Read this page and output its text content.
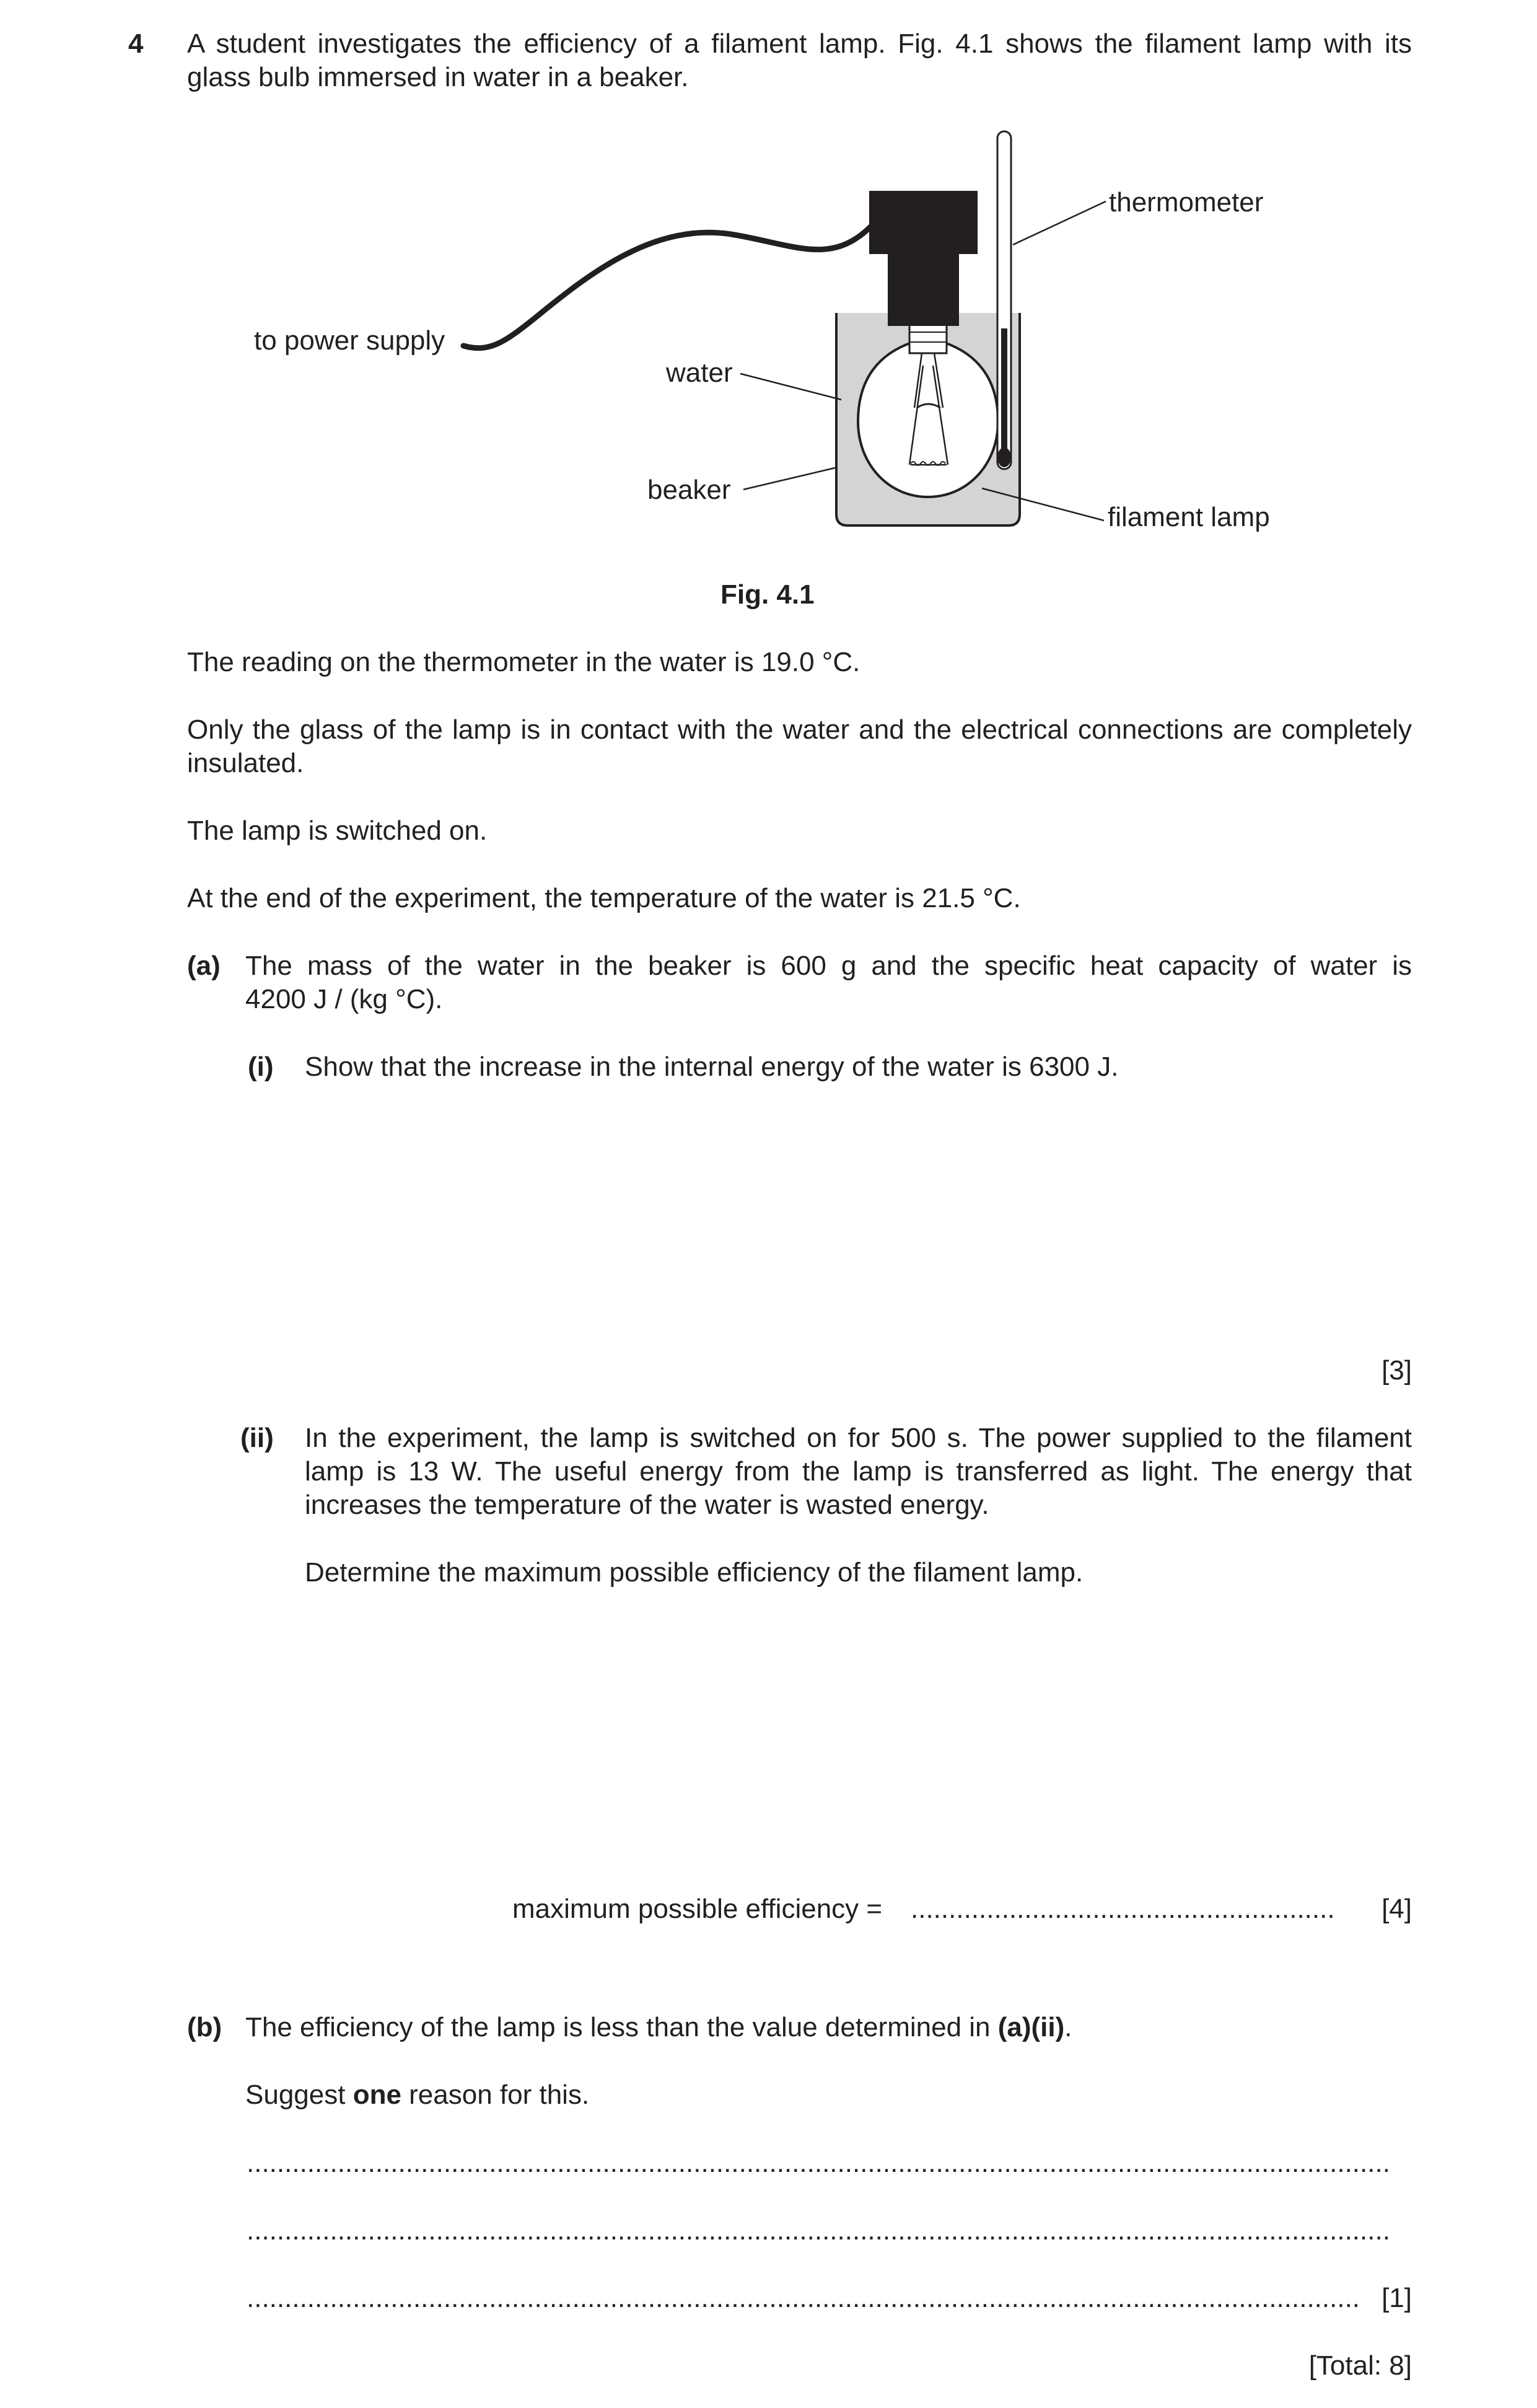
4 A student investigates the efficiency of a filament lamp. Fig. 4.1 shows the filament lamp with its
glass bulb immersed in water in a beaker.
thermometer
to power supply
water
beaker
filament lamp
Fig. 4.1
The reading on the thermometer in the water is 19.0 °C.
Only the glass of the lamp is in contact with the water and the electrical connections are completely
insulated.
The lamp is switched on.
At the end of the experiment, the temperature of the water is 21.5 °C.
(a) The mass of the water in the beaker is 600 g and the specific heat capacity of water is
4200 J / (kg °C).
(i) Show that the increase in the internal energy of the water is 6300 J.
[3]
(ii) In the experiment, the lamp is switched on for 500 s. The power supplied to the filament
lamp is 13 W. The useful energy from the lamp is transferred as light. The energy that
increases the temperature of the water is wasted energy.
Determine the maximum possible efficiency of the filament lamp.
maximum possible efficiency = ........................................................	[4]
(b) The efficiency of the lamp is less than the value determined in (a)(ii).
Suggest one reason for this.
.......................................................................................................................................................
.......................................................................................................................................................
................................................................................................................................................... [1]
[Total: 8]
